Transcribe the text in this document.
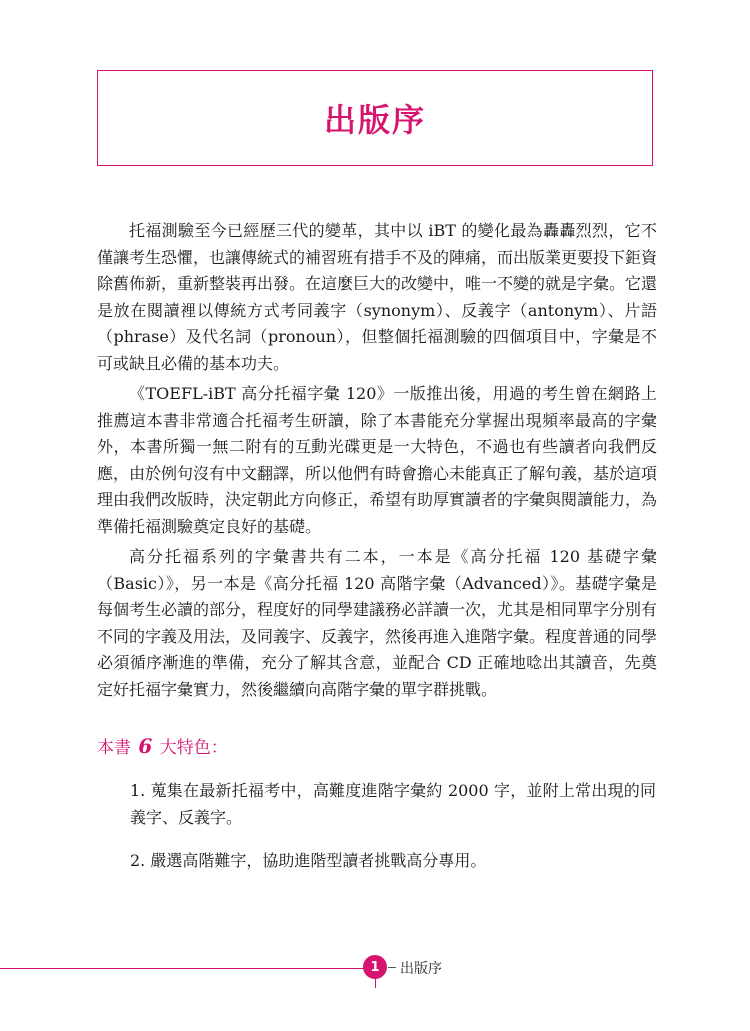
出版序

托福測驗至今已經歷三代的變革，其中以 iBT 的變化最為轟轟烈烈，它不僅讓考生恐懼，也讓傳統式的補習班有措手不及的陣痛，而出版業更要投下鉅資除舊佈新，重新整裝再出發。在這麼巨大的改變中，唯一不變的就是字彙。它還是放在閱讀裡以傳統方式考同義字（synonym）、反義字（antonym）、片語（phrase）及代名詞（pronoun），但整個托福測驗的四個項目中，字彙是不可或缺且必備的基本功夫。

《TOEFL-iBT 高分托福字彙 120》一版推出後，用過的考生曾在網路上推薦這本書非常適合托福考生研讀，除了本書能充分掌握出現頻率最高的字彙外，本書所獨一無二附有的互動光碟更是一大特色，不過也有些讀者向我們反應，由於例句沒有中文翻譯，所以他們有時會擔心未能真正了解句義，基於這項理由我們改版時，決定朝此方向修正，希望有助厚實讀者的字彙與閱讀能力，為準備托福測驗奠定良好的基礎。

高分托福系列的字彙書共有二本，一本是《高分托福 120 基礎字彙（Basic）》，另一本是《高分托福 120 高階字彙（Advanced）》。基礎字彙是每個考生必讀的部分，程度好的同學建議務必詳讀一次，尤其是相同單字分別有不同的字義及用法，及同義字、反義字，然後再進入進階字彙。程度普通的同學必須循序漸進的準備，充分了解其含意，並配合 CD 正確地唸出其讀音，先奠定好托福字彙實力，然後繼續向高階字彙的單字群挑戰。

本書 6 大特色：
1. 蒐集在最新托福考中，高難度進階字彙約 2000 字，並附上常出現的同義字、反義字。
2. 嚴選高階難字，協助進階型讀者挑戰高分專用。
1	出版序
